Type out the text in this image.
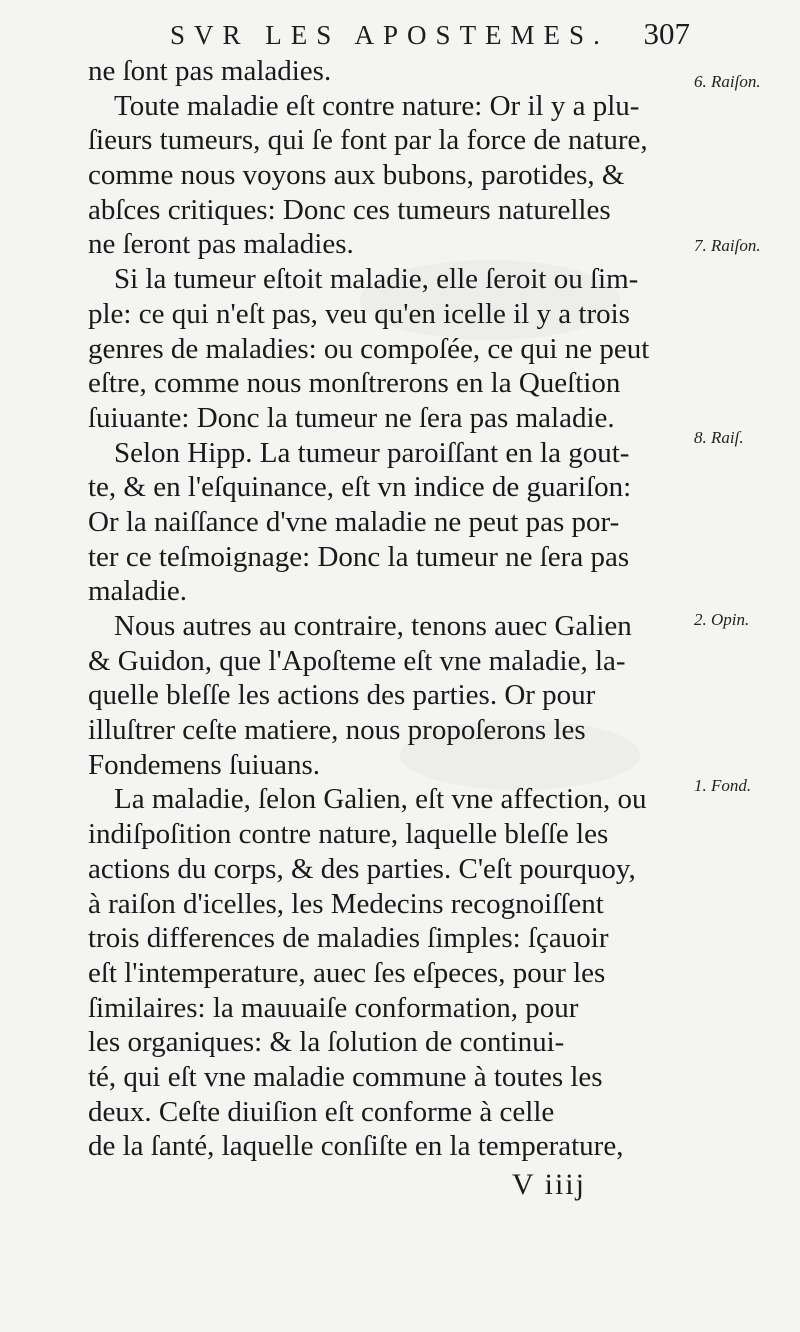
SVR LES APOSTEMES. 307
ne ſont pas maladies.
Toute maladie eſt contre nature: Or il y a plu-
ſieurs tumeurs, qui ſe font par la force de nature,
comme nous voyons aux bubons, parotides, &
abſces critiques: Donc ces tumeurs naturelles
ne ſeront pas maladies.
Si la tumeur eſtoit maladie, elle ſeroit ou ſim-
ple: ce qui n'eſt pas, veu qu'en icelle il y a trois
genres de maladies: ou compoſée, ce qui ne peut
eſtre, comme nous monſtrerons en la Queſtion
ſuiuante: Donc la tumeur ne ſera pas maladie.
Selon Hipp. La tumeur paroiſſant en la gout-
te, & en l'eſquinance, eſt vn indice de guariſon:
Or la naiſſance d'vne maladie ne peut pas por-
ter ce teſmoignage: Donc la tumeur ne ſera pas
maladie.
Nous autres au contraire, tenons auec Galien
& Guidon, que l'Apoſteme eſt vne maladie, la-
quelle bleſſe les actions des parties. Or pour
illuſtrer ceſte matiere, nous propoſerons les
Fondemens ſuiuans.
La maladie, ſelon Galien, eſt vne affection, ou
indiſpoſition contre nature, laquelle bleſſe les
actions du corps, & des parties. C'eſt pourquoy,
à raiſon d'icelles, les Medecins recognoiſſent
trois differences de maladies ſimples: ſçauoir
eſt l'intemperature, auec ſes eſpeces, pour les
ſimilaires: la mauuaiſe conformation, pour
les organiques: & la ſolution de continui-
té, qui eſt vne maladie commune à toutes les
deux. Ceſte diuiſion eſt conforme à celle
de la ſanté, laquelle conſiſte en la temperature,
6. Raiſon.
7. Raiſon.
8. Raiſ.
2. Opin.
1. Fond.
V iiij
